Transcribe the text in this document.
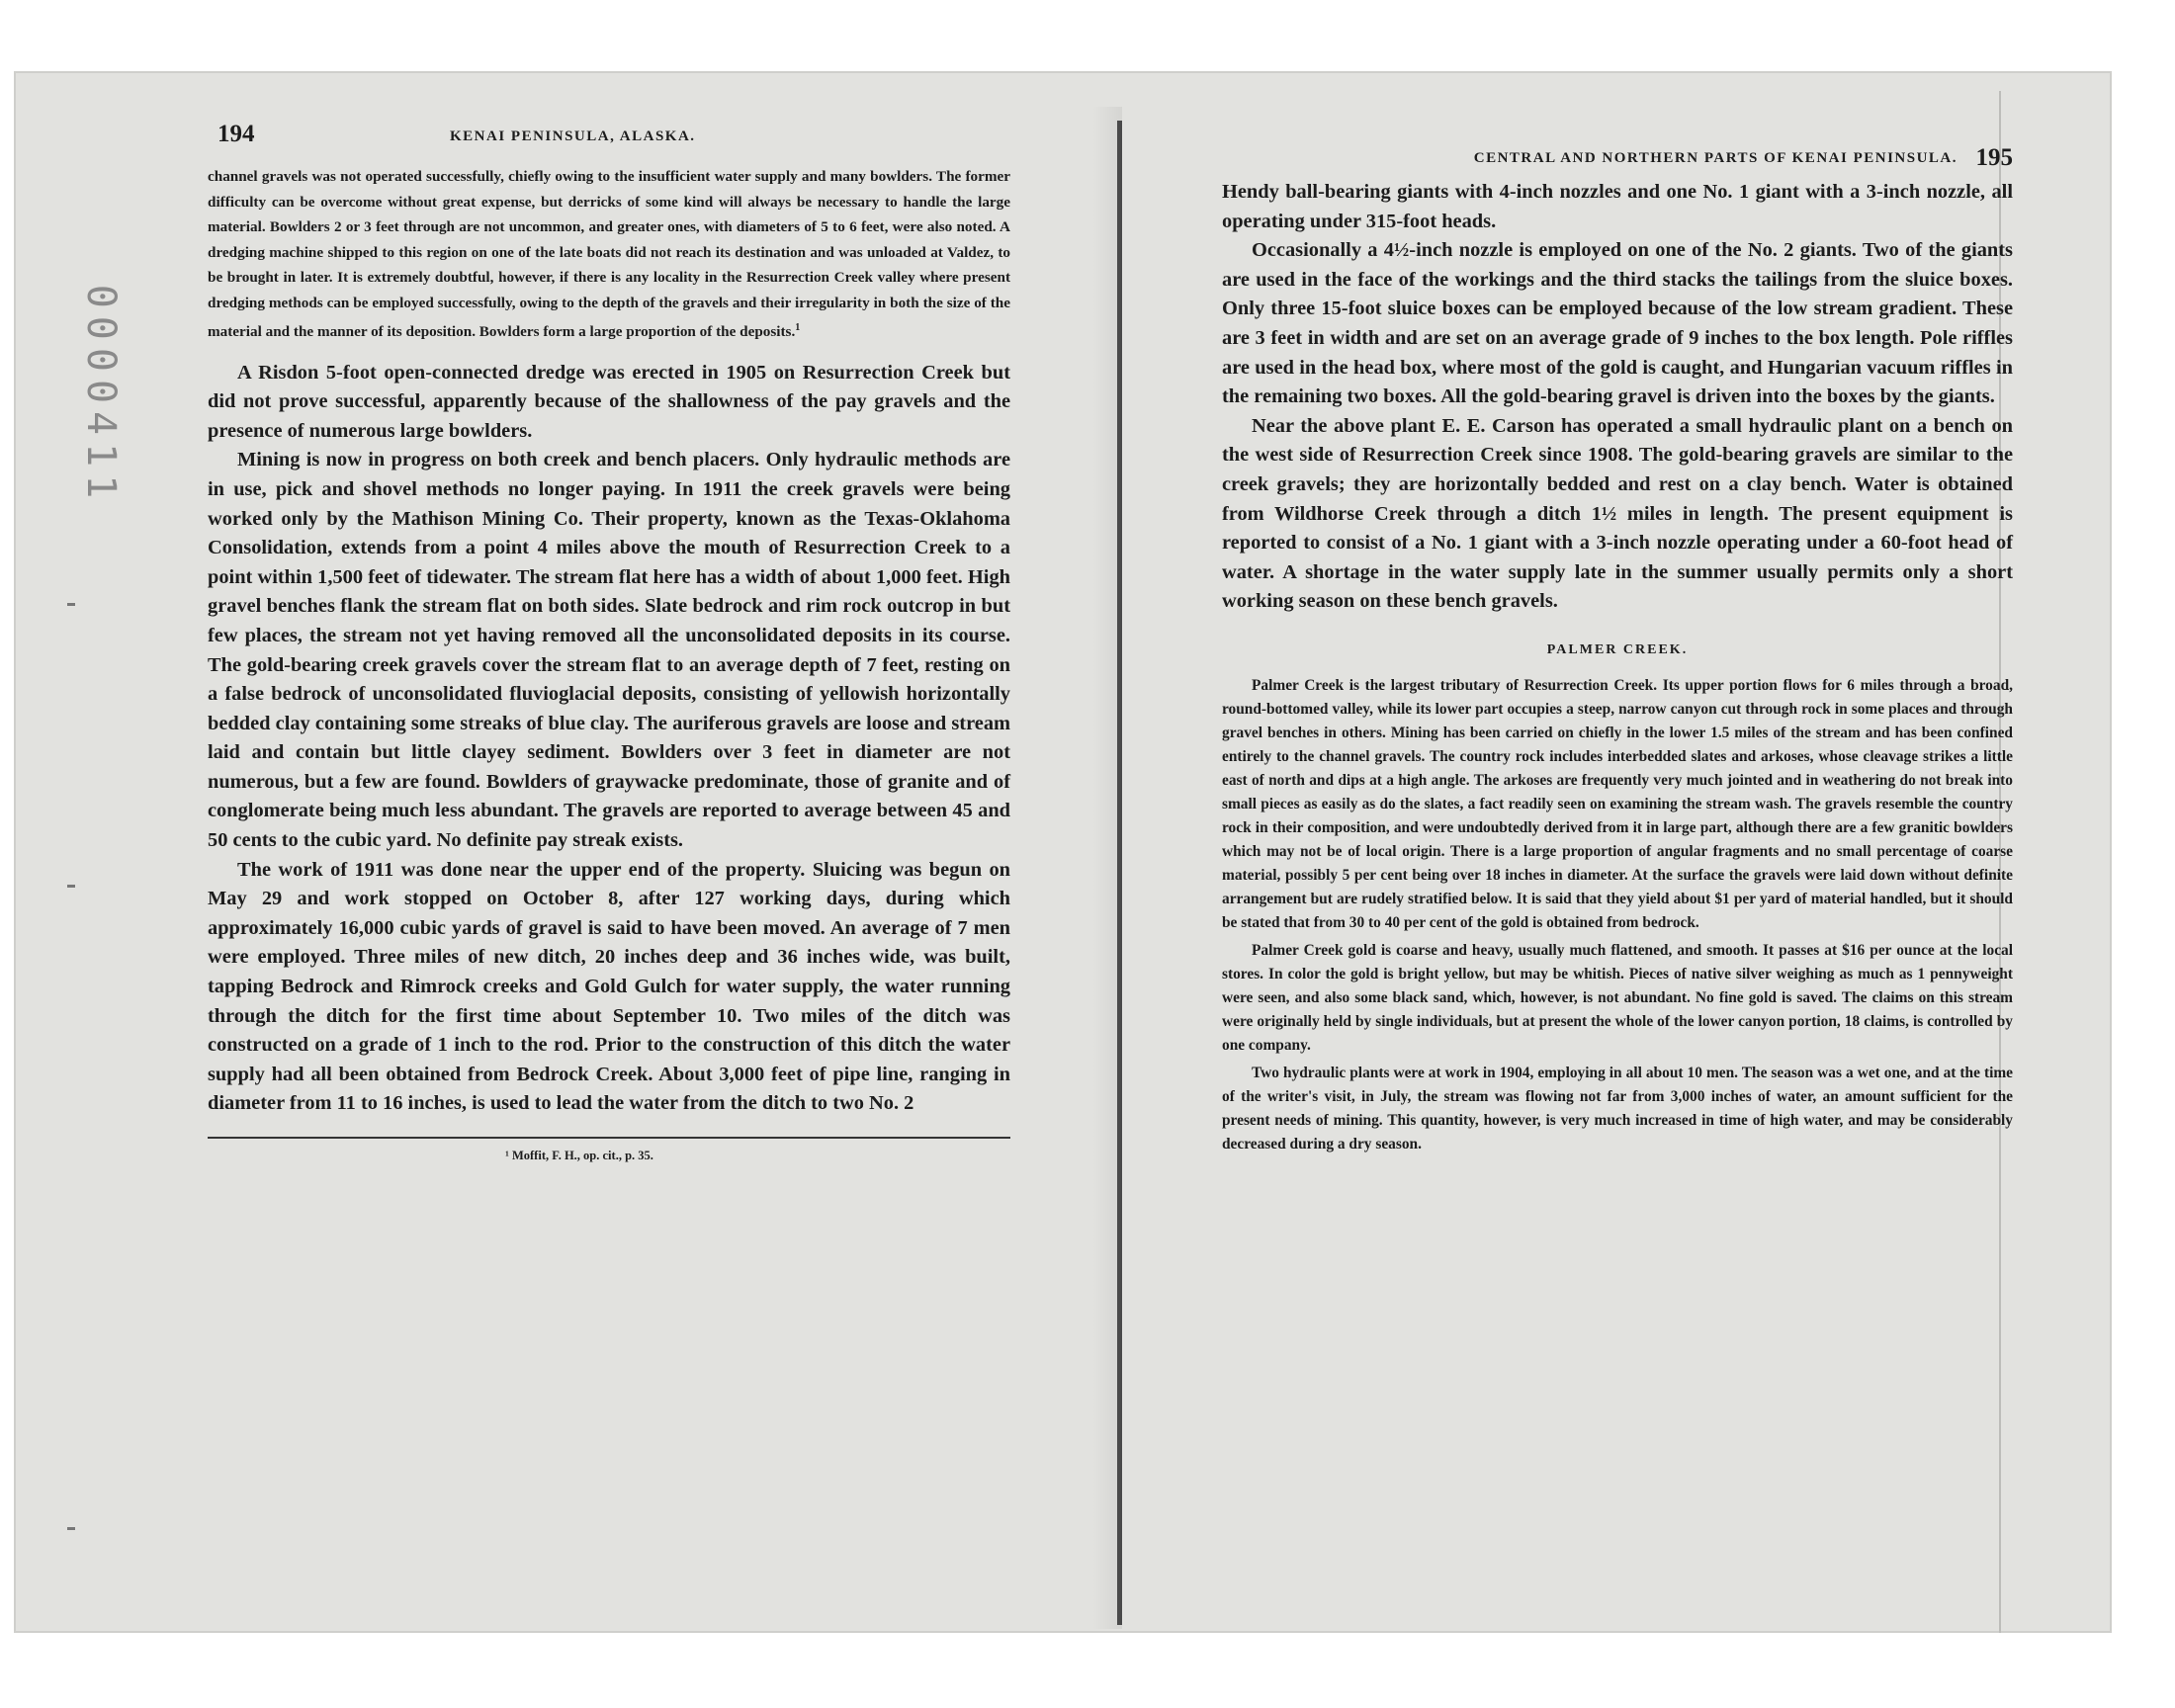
0000411
194	KENAI PENINSULA, ALASKA.

channel gravels was not operated successfully, chiefly owing to the insufficient water supply and many bowlders. The former difficulty can be overcome without great expense, but derricks of some kind will always be necessary to handle the large material. Bowlders 2 or 3 feet through are not uncommon, and greater ones, with diameters of 5 to 6 feet, were also noted. A dredging machine shipped to this region on one of the late boats did not reach its destination and was unloaded at Valdez, to be brought in later. It is extremely doubtful, however, if there is any locality in the Resurrection Creek valley where present dredging methods can be employed successfully, owing to the depth of the gravels and their irregularity in both the size of the material and the manner of its deposition. Bowlders form a large proportion of the deposits.$^1$

A Risdon 5-foot open-connected dredge was erected in 1905 on Resurrection Creek but did not prove successful, apparently because of the shallowness of the pay gravels and the presence of numerous large bowlders.

Mining is now in progress on both creek and bench placers. Only hydraulic methods are in use, pick and shovel methods no longer paying. In 1911 the creek gravels were being worked only by the Mathison Mining Co. Their property, known as the Texas-Oklahoma Consolidation, extends from a point 4 miles above the mouth of Resurrection Creek to a point within 1,500 feet of tidewater. The stream flat here has a width of about 1,000 feet. High gravel benches flank the stream flat on both sides. Slate bedrock and rim rock outcrop in but few places, the stream not yet having removed all the unconsolidated deposits in its course. The gold-bearing creek gravels cover the stream flat to an average depth of 7 feet, resting on a false bedrock of unconsolidated fluvioglacial deposits, consisting of yellowish horizontally bedded clay containing some streaks of blue clay. The auriferous gravels are loose and stream laid and contain but little clayey sediment. Bowlders over 3 feet in diameter are not numerous, but a few are found. Bowlders of graywacke predominate, those of granite and of conglomerate being much less abundant. The gravels are reported to average between 45 and 50 cents to the cubic yard. No definite pay streak exists.

The work of 1911 was done near the upper end of the property. Sluicing was begun on May 29 and work stopped on October 8, after 127 working days, during which approximately 16,000 cubic yards of gravel is said to have been moved. An average of 7 men were employed. Three miles of new ditch, 20 inches deep and 36 inches wide, was built, tapping Bedrock and Rimrock creeks and Gold Gulch for water supply, the water running through the ditch for the first time about September 10. Two miles of the ditch was constructed on a grade of 1 inch to the rod. Prior to the construction of this ditch the water supply had all been obtained from Bedrock Creek. About 3,000 feet of pipe line, ranging in diameter from 11 to 16 inches, is used to lead the water from the ditch to two No. 2

¹ Moffit, F. H., op. cit., p. 35.
CENTRAL AND NORTHERN PARTS OF KENAI PENINSULA. 195

Hendy ball-bearing giants with 4-inch nozzles and one No. 1 giant with a 3-inch nozzle, all operating under 315-foot heads.

Occasionally a 4½-inch nozzle is employed on one of the No. 2 giants. Two of the giants are used in the face of the workings and the third stacks the tailings from the sluice boxes. Only three 15-foot sluice boxes can be employed because of the low stream gradient. These are 3 feet in width and are set on an average grade of 9 inches to the box length. Pole riffles are used in the head box, where most of the gold is caught, and Hungarian vacuum riffles in the remaining two boxes. All the gold-bearing gravel is driven into the boxes by the giants.

Near the above plant E. E. Carson has operated a small hydraulic plant on a bench on the west side of Resurrection Creek since 1908. The gold-bearing gravels are similar to the creek gravels; they are horizontally bedded and rest on a clay bench. Water is obtained from Wildhorse Creek through a ditch 1½ miles in length. The present equipment is reported to consist of a No. 1 giant with a 3-inch nozzle operating under a 60-foot head of water. A shortage in the water supply late in the summer usually permits only a short working season on these bench gravels.

PALMER CREEK.

Palmer Creek is the largest tributary of Resurrection Creek. Its upper portion flows for 6 miles through a broad, round-bottomed valley, while its lower part occupies a steep, narrow canyon cut through rock in some places and through gravel benches in others. Mining has been carried on chiefly in the lower 1.5 miles of the stream and has been confined entirely to the channel gravels. The country rock includes interbedded slates and arkoses, whose cleavage strikes a little east of north and dips at a high angle. The arkoses are frequently very much jointed and in weathering do not break into small pieces as easily as do the slates, a fact readily seen on examining the stream wash. The gravels resemble the country rock in their composition, and were undoubtedly derived from it in large part, although there are a few granitic bowlders which may not be of local origin. There is a large proportion of angular fragments and no small percentage of coarse material, possibly 5 per cent being over 18 inches in diameter. At the surface the gravels were laid down without definite arrangement but are rudely stratified below. It is said that they yield about $1 per yard of material handled, but it should be stated that from 30 to 40 per cent of the gold is obtained from bedrock.

Palmer Creek gold is coarse and heavy, usually much flattened, and smooth. It passes at $16 per ounce at the local stores. In color the gold is bright yellow, but may be whitish. Pieces of native silver weighing as much as 1 pennyweight were seen, and also some black sand, which, however, is not abundant. No fine gold is saved. The claims on this stream were originally held by single individuals, but at present the whole of the lower canyon portion, 18 claims, is controlled by one company.

Two hydraulic plants were at work in 1904, employing in all about 10 men. The season was a wet one, and at the time of the writer's visit, in July, the stream was flowing not far from 3,000 inches of water, an amount sufficient for the present needs of mining. This quantity, however, is very much increased in time of high water, and may be considerably decreased during a dry season.
